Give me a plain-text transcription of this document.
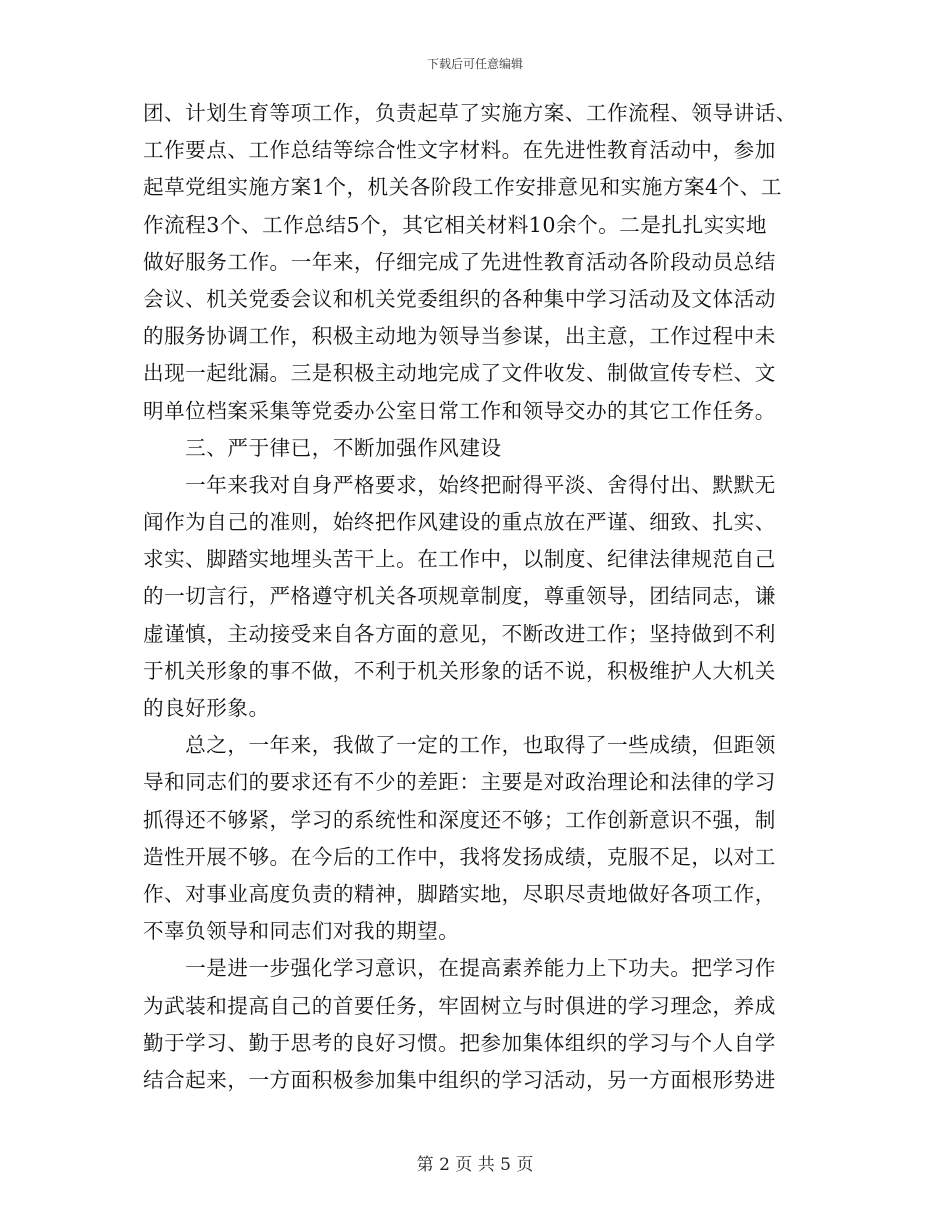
下载后可任意编辑
团、计划生育等项工作，负责起草了实施方案、工作流程、领导讲话、
工作要点、工作总结等综合性文字材料。在先进性教育活动中，参加
起草党组实施方案1个，机关各阶段工作安排意见和实施方案4个、工
作流程3个、工作总结5个，其它相关材料10余个。二是扎扎实实地
做好服务工作。一年来，仔细完成了先进性教育活动各阶段动员总结
会议、机关党委会议和机关党委组织的各种集中学习活动及文体活动
的服务协调工作，积极主动地为领导当参谋，出主意，工作过程中未
出现一起纰漏。三是积极主动地完成了文件收发、制做宣传专栏、文
明单位档案采集等党委办公室日常工作和领导交办的其它工作任务。
　　三、严于律已，不断加强作风建设
　　一年来我对自身严格要求，始终把耐得平淡、舍得付出、默默无
闻作为自己的准则，始终把作风建设的重点放在严谨、细致、扎实、
求实、脚踏实地埋头苦干上。在工作中，以制度、纪律法律规范自己
的一切言行，严格遵守机关各项规章制度，尊重领导，团结同志，谦
虚谨慎，主动接受来自各方面的意见，不断改进工作；坚持做到不利
于机关形象的事不做，不利于机关形象的话不说，积极维护人大机关
的良好形象。
　　总之，一年来，我做了一定的工作，也取得了一些成绩，但距领
导和同志们的要求还有不少的差距：主要是对政治理论和法律的学习
抓得还不够紧，学习的系统性和深度还不够；工作创新意识不强，制
造性开展不够。在今后的工作中，我将发扬成绩，克服不足，以对工
作、对事业高度负责的精神，脚踏实地，尽职尽责地做好各项工作，
不辜负领导和同志们对我的期望。
　　一是进一步强化学习意识，在提高素养能力上下功夫。把学习作
为武装和提高自己的首要任务，牢固树立与时俱进的学习理念，养成
勤于学习、勤于思考的良好习惯。把参加集体组织的学习与个人自学
结合起来，一方面积极参加集中组织的学习活动，另一方面根形势进
第 2 页 共 5 页
